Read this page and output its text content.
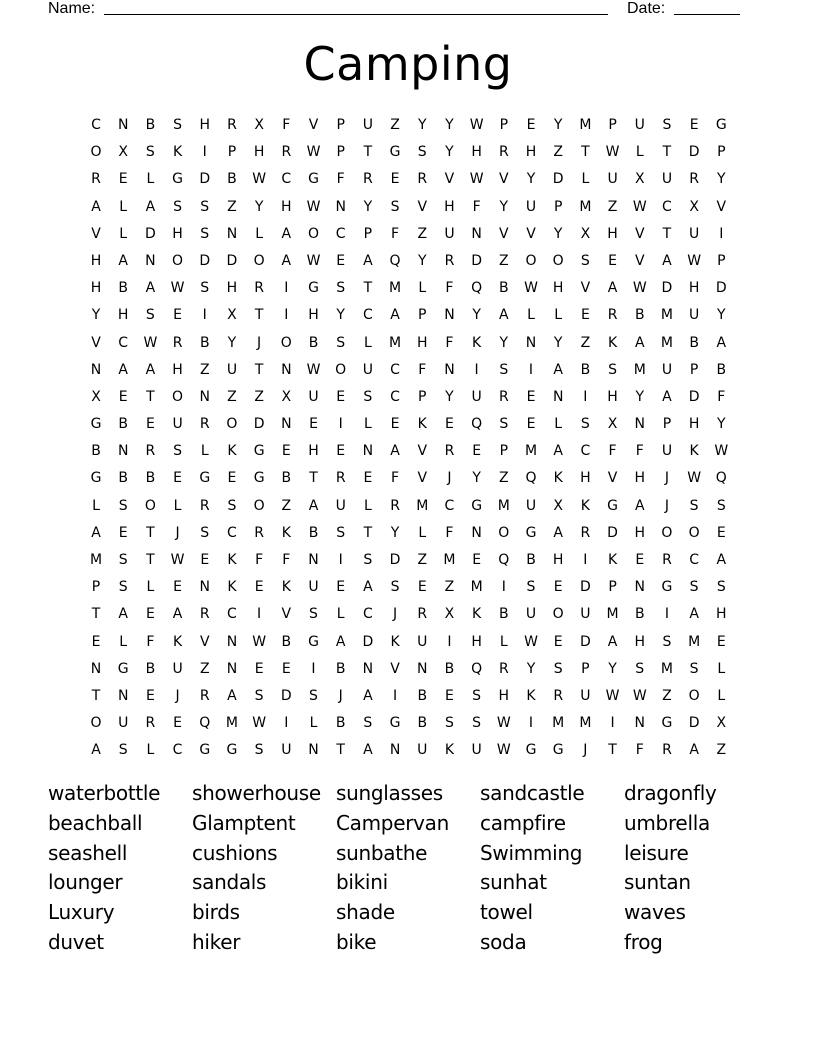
Name:	Date:
Camping
C	N	B	S	H	R	X	F	V	P	U	Z	Y	Y	W	P	E	Y	M	P	U	S	E	G
O	X	S	K	I	P	H	R	W	P	T	G	S	Y	H	R	H	Z	T	W	L	T	D	P
R	E	L	G	D	B	W	C	G	F	R	E	R	V	W	V	Y	D	L	U	X	U	R	Y
A	L	A	S	S	Z	Y	H	W	N	Y	S	V	H	F	Y	U	P	M	Z	W	C	X	V
V	L	D	H	S	N	L	A	O	C	P	F	Z	U	N	V	V	Y	X	H	V	T	U	I
H	A	N	O	D	D	O	A	W	E	A	Q	Y	R	D	Z	O	O	S	E	V	A	W	P
H	B	A	W	S	H	R	I	G	S	T	M	L	F	Q	B	W	H	V	A	W	D	H	D
Y	H	S	E	I	X	T	I	H	Y	C	A	P	N	Y	A	L	L	E	R	B	M	U	Y
V	C	W	R	B	Y	J	O	B	S	L	M	H	F	K	Y	N	Y	Z	K	A	M	B	A
N	A	A	H	Z	U	T	N	W	O	U	C	F	N	I	S	I	A	B	S	M	U	P	B
X	E	T	O	N	Z	Z	X	U	E	S	C	P	Y	U	R	E	N	I	H	Y	A	D	F
G	B	E	U	R	O	D	N	E	I	L	E	K	E	Q	S	E	L	S	X	N	P	H	Y
B	N	R	S	L	K	G	E	H	E	N	A	V	R	E	P	M	A	C	F	F	U	K	W
G	B	B	E	G	E	G	B	T	R	E	F	V	J	Y	Z	Q	K	H	V	H	J	W	Q
L	S	O	L	R	S	O	Z	A	U	L	R	M	C	G	M	U	X	K	G	A	J	S	S
A	E	T	J	S	C	R	K	B	S	T	Y	L	F	N	O	G	A	R	D	H	O	O	E
M	S	T	W	E	K	F	F	N	I	S	D	Z	M	E	Q	B	H	I	K	E	R	C	A
P	S	L	E	N	K	E	K	U	E	A	S	E	Z	M	I	S	E	D	P	N	G	S	S
T	A	E	A	R	C	I	V	S	L	C	J	R	X	K	B	U	O	U	M	B	I	A	H
E	L	F	K	V	N	W	B	G	A	D	K	U	I	H	L	W	E	D	A	H	S	M	E
N	G	B	U	Z	N	E	E	I	B	N	V	N	B	Q	R	Y	S	P	Y	S	M	S	L
T	N	E	J	R	A	S	D	S	J	A	I	B	E	S	H	K	R	U	W W	Z	O	L
O	U	R	E	Q	M	W	I	L	B	S	G	B	S	S	W	I	M	M	I	N	G	D	X
A	S	L	C	G	G	S	U	N	T	A	N	U	K	U	W	G	G	J	T	F	R	A	Z
waterbottle	showerhouse sunglasses	sandcastle	dragonfly
beachball	Glamptent	Campervan	campfire	umbrella
seashell	cushions	sunbathe	Swimming	leisure
lounger	sandals	bikini	sunhat	suntan
Luxury	birds	shade	towel	waves
duvet	hiker	bike	soda	frog
